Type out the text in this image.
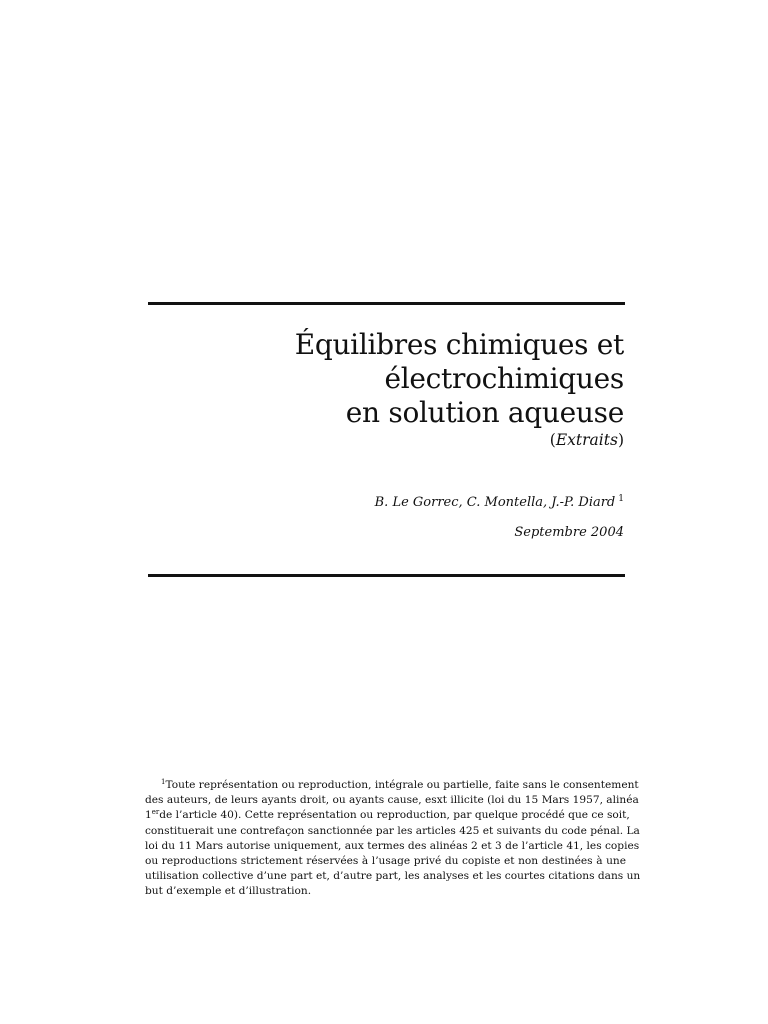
Équilibres chimiques et
électrochimiques
en solution aqueuse
(Extraits)
B. Le Gorrec, C. Montella, J.-P. Diard $^1$
Septembre 2004
$^1$Toute représentation ou reproduction, intégrale ou partielle, faite sans le consentement
des auteurs, de leurs ayants droit, ou ayants cause, esxt illicite (loi du 15 Mars 1957, alinéa
1erde l’article 40). Cette représentation ou reproduction, par quelque procédé que ce soit,
constituerait une contrefaçon sanctionnée par les articles 425 et suivants du code pénal. La
loi du 11 Mars autorise uniquement, aux termes des alinéas 2 et 3 de l’article 41, les copies
ou reproductions strictement réservées à l’usage privé du copiste et non destinées à une
utilisation collective d’une part et, d’autre part, les analyses et les courtes citations dans un
but d’exemple et d’illustration.
